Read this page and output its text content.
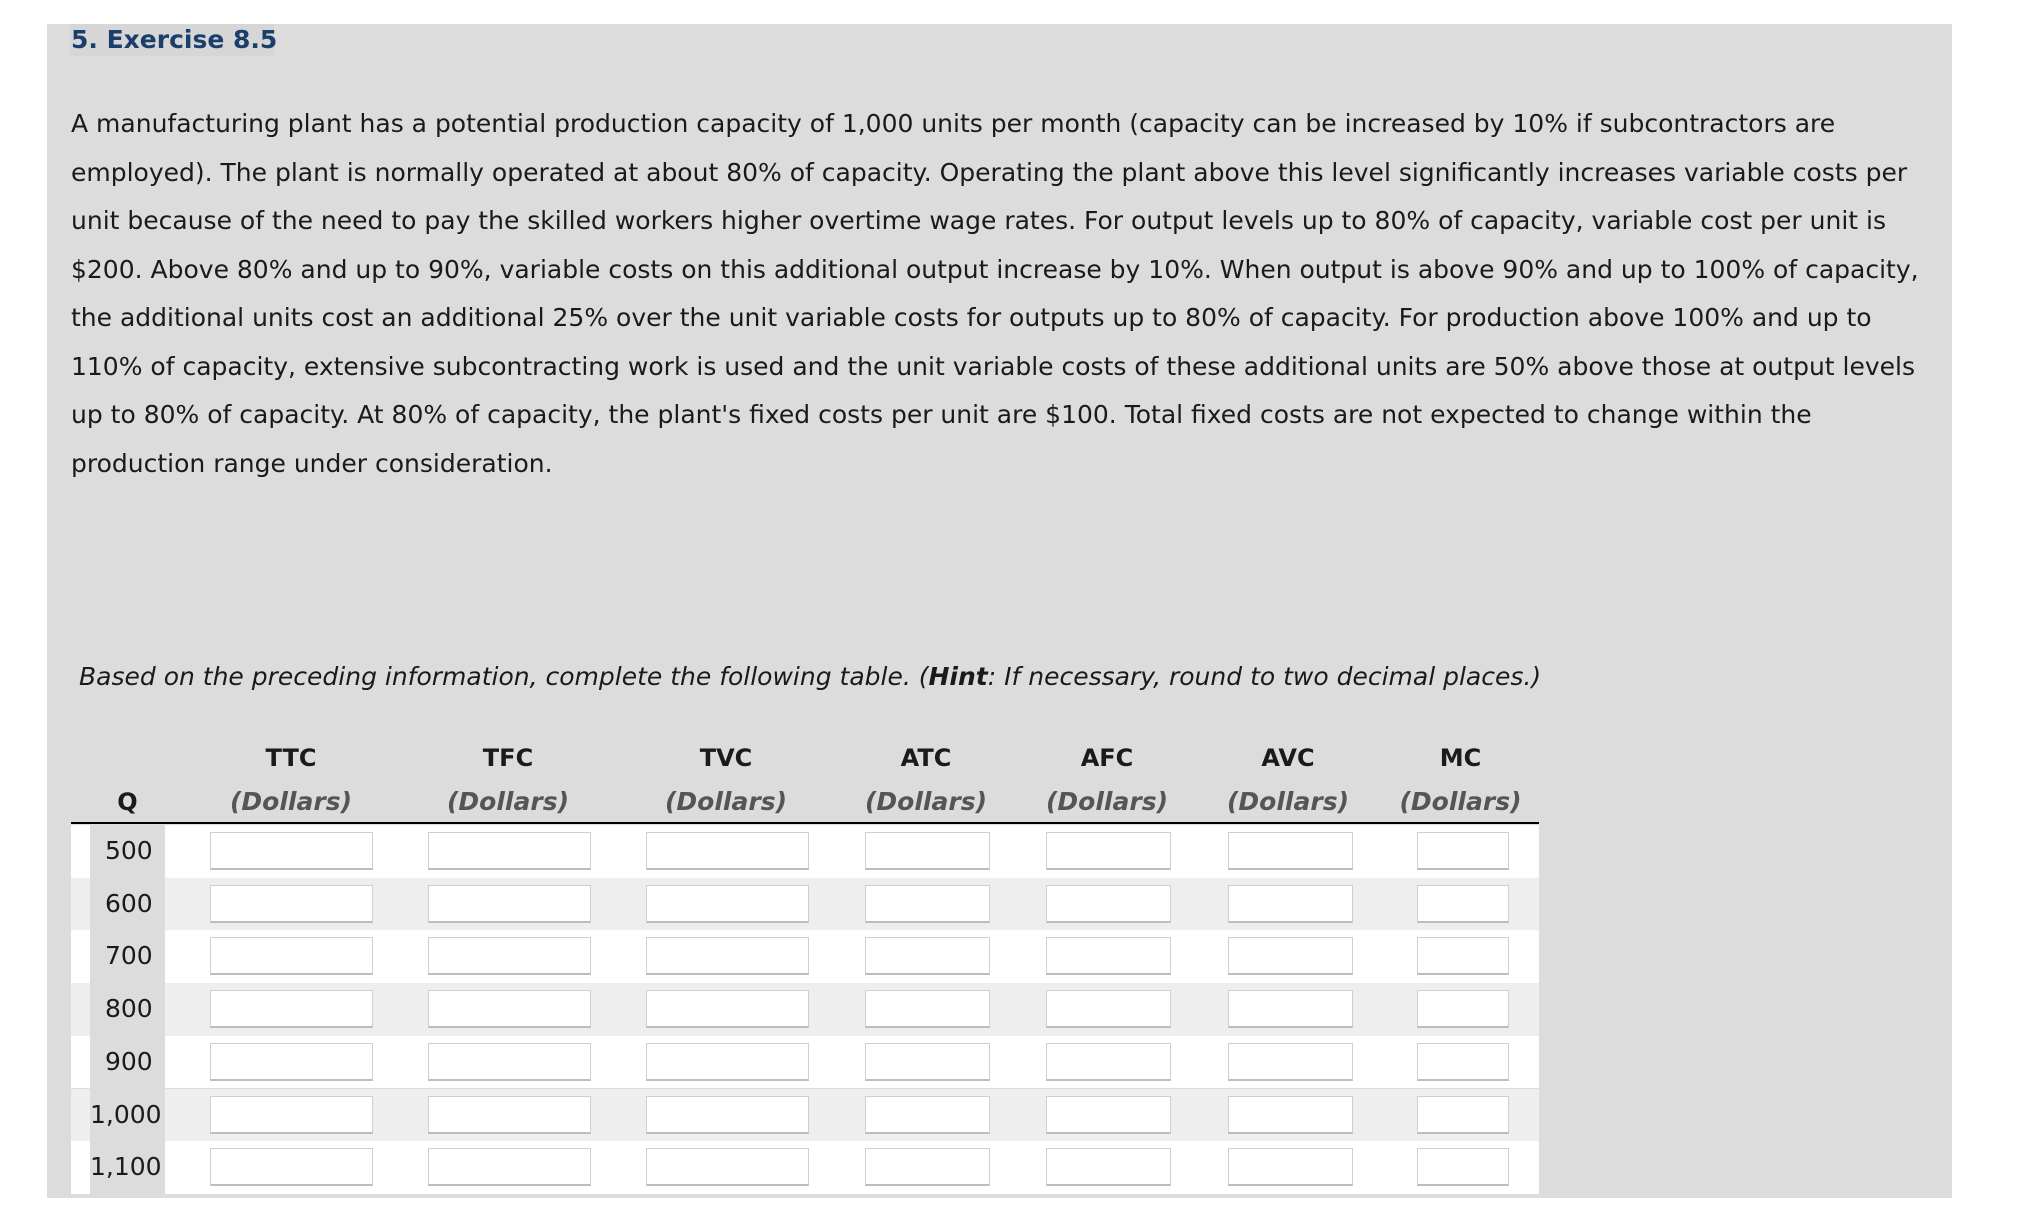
5. Exercise 8.5

A manufacturing plant has a potential production capacity of 1,000 units per month (capacity can be increased by 10% if subcontractors are employed). The plant is normally operated at about 80% of capacity. Operating the plant above this level significantly increases variable costs per unit because of the need to pay the skilled workers higher overtime wage rates. For output levels up to 80% of capacity, variable cost per unit is $200. Above 80% and up to 90%, variable costs on this additional output increase by 10%. When output is above 90% and up to 100% of capacity, the additional units cost an additional 25% over the unit variable costs for outputs up to 80% of capacity. For production above 100% and up to 110% of capacity, extensive subcontracting work is used and the unit variable costs of these additional units are 50% above those at output levels up to 80% of capacity. At 80% of capacity, the plant's fixed costs per unit are $100. Total fixed costs are not expected to change within the production range under consideration.

Based on the preceding information, complete the following table. (Hint: If necessary, round to two decimal places.)
Q
TTC
(Dollars)
TFC
(Dollars)
TVC
(Dollars)
ATC
(Dollars)
AFC
(Dollars)
AVC
(Dollars)
MC
(Dollars)
500
600
700
800
900
1,000
1,100
